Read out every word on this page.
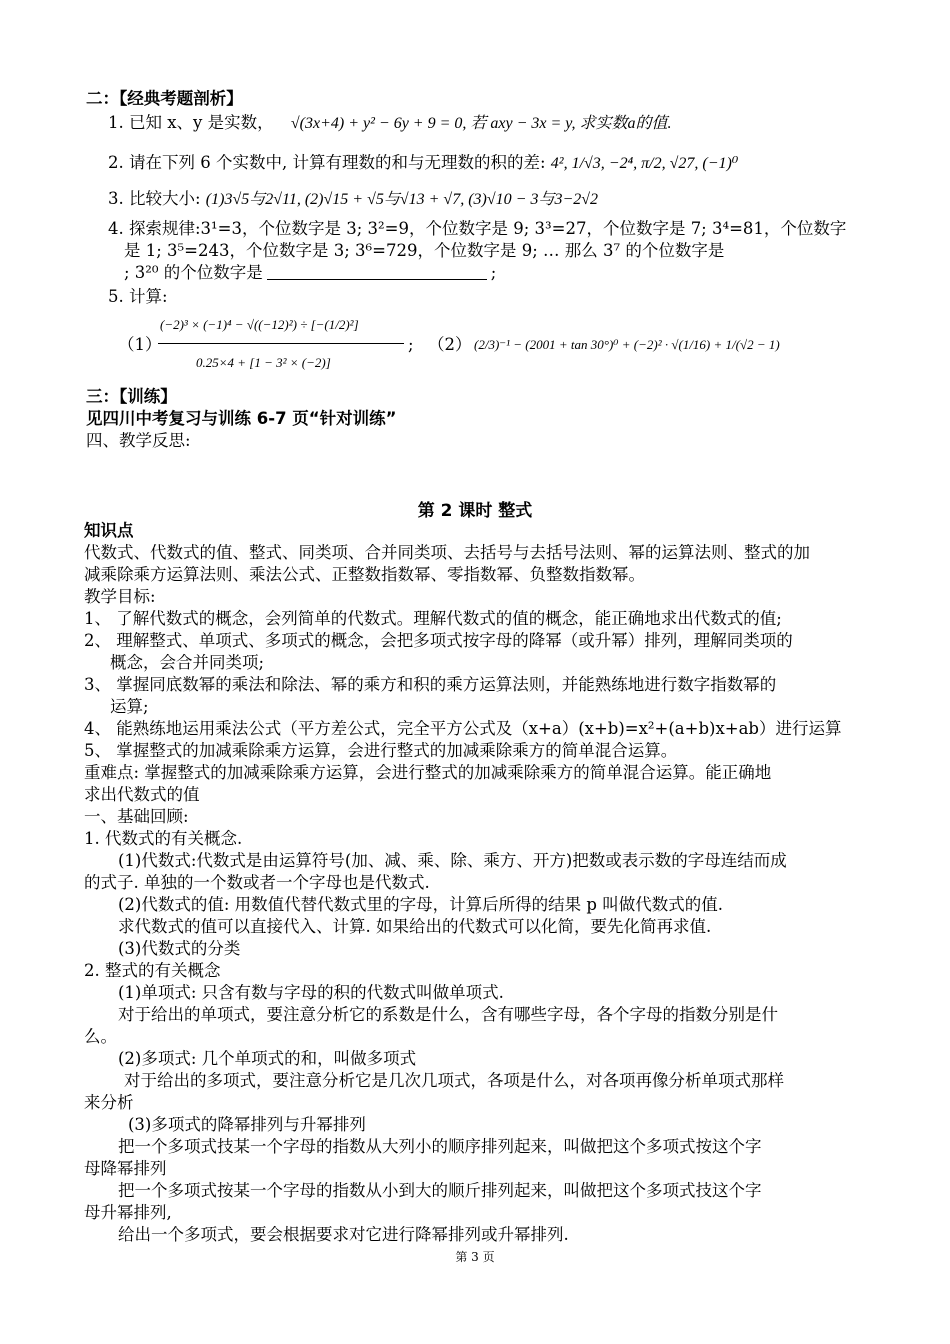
二：【经典考题剖析】
1. 已知 x、y 是实数， √(3x+4) + y² − 6y + 9 = 0, 若 axy − 3x = y, 求实数a的值.
2. 请在下列 6 个实数中, 计算有理数的和与无理数的积的差: 4², 1/√3, −2⁴, π/2, √27, (−1)⁰
3. 比较大小: (1)3√5与2√11, (2)√15 + √5与√13 + √7, (3)√10 − 3与3−2√2
4. 探索规律:3¹=3，个位数字是 3; 3²=9，个位数字是 9; 3³=27，个位数字是 7; 3⁴=81，个位数字
是 1; 3⁵=243，个位数字是 3; 3⁶=729，个位数字是 9; … 那么 3⁷ 的个位数字是
; 3²⁰ 的个位数字是	;
5. 计算:
（1）
(−2)³ × (−1)⁴ − √((−12)²) ÷ [−(1/2)²]
0.25×4 + [1 − 3² × (−2)]
; （2） (2/3)⁻¹ − (2001 + tan 30°)⁰ + (−2)² · √(1/16) + 1/(√2 − 1)
三：【训练】
见四川中考复习与训练 6-7 页“针对训练”
四、教学反思:
第 2 课时 整式
知识点
代数式、代数式的值、整式、同类项、合并同类项、去括号与去括号法则、幂的运算法则、整式的加
减乘除乘方运算法则、乘法公式、正整数指数幂、零指数幂、负整数指数幂。
教学目标:
1、 了解代数式的概念，会列简单的代数式。理解代数式的值的概念，能正确地求出代数式的值;
2、 理解整式、单项式、多项式的概念，会把多项式按字母的降幂（或升幂）排列，理解同类项的
概念，会合并同类项;
3、 掌握同底数幂的乘法和除法、幂的乘方和积的乘方运算法则，并能熟练地进行数字指数幂的
运算;
4、 能熟练地运用乘法公式（平方差公式，完全平方公式及（x+a）(x+b)=x²+(a+b)x+ab）进行运算
5、 掌握整式的加减乘除乘方运算，会进行整式的加减乘除乘方的简单混合运算。
重难点: 掌握整式的加减乘除乘方运算，会进行整式的加减乘除乘方的简单混合运算。能正确地
求出代数式的值
一、基础回顾:
1. 代数式的有关概念.
(1)代数式:代数式是由运算符号(加、减、乘、除、乘方、开方)把数或表示数的字母连结而成
的式子. 单独的一个数或者一个字母也是代数式.
(2)代数式的值: 用数值代替代数式里的字母，计算后所得的结果 p 叫做代数式的值.
求代数式的值可以直接代入、计算. 如果给出的代数式可以化简，要先化简再求值.
(3)代数式的分类
2. 整式的有关概念
(1)单项式: 只含有数与字母的积的代数式叫做单项式.
对于给出的单项式，要注意分析它的系数是什么，含有哪些字母，各个字母的指数分别是什
么。
(2)多项式: 几个单项式的和，叫做多项式
对于给出的多项式，要注意分析它是几次几项式，各项是什么，对各项再像分析单项式那样
来分析
(3)多项式的降幂排列与升幂排列
把一个多项式技某一个字母的指数从大列小的顺序排列起来，叫做把这个多项式按这个字
母降幂排列
把一个多项式按某一个字母的指数从小到大的顺斤排列起来，叫做把这个多项式技这个字
母升幂排列,
给出一个多项式，要会根据要求对它进行降幂排列或升幂排列.
第 3 页
